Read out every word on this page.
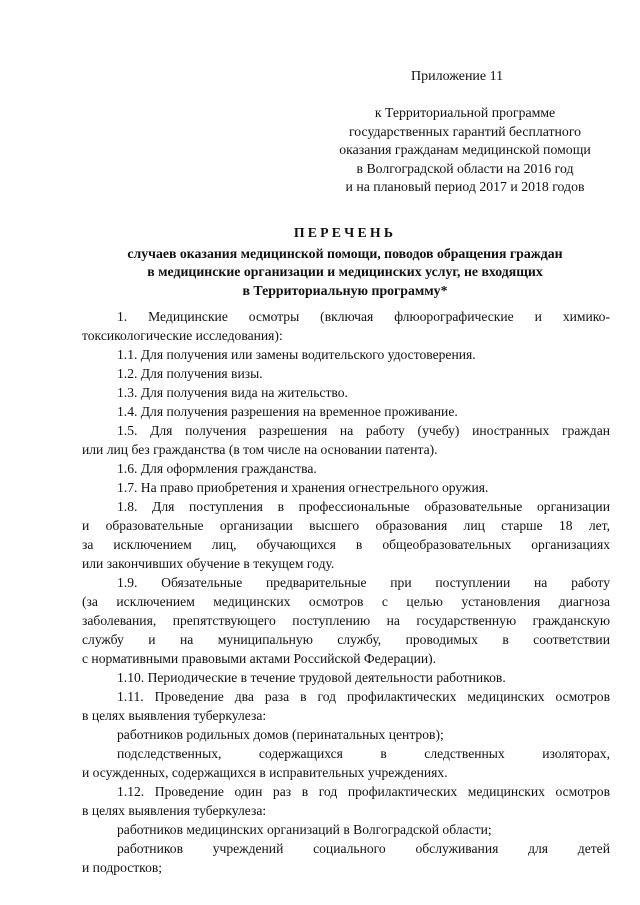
Приложение 11
к Территориальной программе
государственных гарантий бесплатного
оказания гражданам медицинской помощи
в Волгоградской области на 2016 год
и на плановый период 2017 и 2018 годов
ПЕРЕЧЕНЬ
случаев оказания медицинской помощи, поводов обращения граждан
в медицинские организации и медицинских услуг, не входящих
в Территориальную программу*
1. Медицинские осмотры (включая флюорографические и химико-
токсикологические исследования):
1.1. Для получения или замены водительского удостоверения.
1.2. Для получения визы.
1.3. Для получения вида на жительство.
1.4. Для получения разрешения на временное проживание.
1.5. Для получения разрешения на работу (учебу) иностранных граждан
или лиц без гражданства (в том числе на основании патента).
1.6. Для оформления гражданства.
1.7. На право приобретения и хранения огнестрельного оружия.
1.8. Для поступления в профессиональные образовательные организации
и образовательные организации высшего образования лиц старше 18 лет,
за исключением лиц, обучающихся в общеобразовательных организациях
или закончивших обучение в текущем году.
1.9. Обязательные предварительные при поступлении на работу
(за исключением медицинских осмотров с целью установления диагноза
заболевания, препятствующего поступлению на государственную гражданскую
службу и на муниципальную службу, проводимых в соответствии
с нормативными правовыми актами Российской Федерации).
1.10. Периодические в течение трудовой деятельности работников.
1.11. Проведение два раза в год профилактических медицинских осмотров
в целях выявления туберкулеза:
работников родильных домов (перинатальных центров);
подследственных, содержащихся в следственных изоляторах,
и осужденных, содержащихся в исправительных учреждениях.
1.12. Проведение один раз в год профилактических медицинских осмотров
в целях выявления туберкулеза:
работников медицинских организаций в Волгоградской области;
работников учреждений социального обслуживания для детей
и подростков;
